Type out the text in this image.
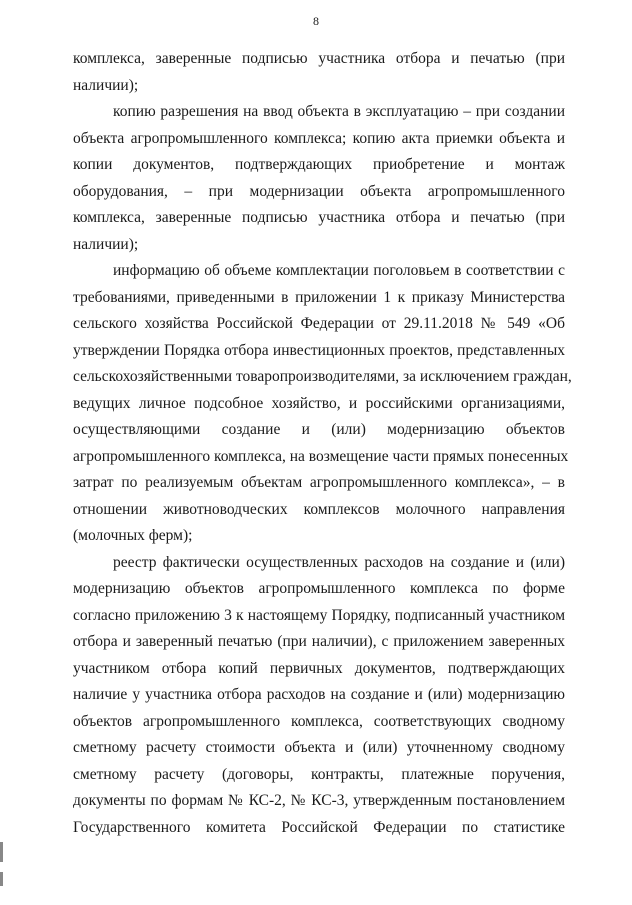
8
комплекса, заверенные подписью участника отбора и печатью (при
наличии);
копию разрешения на ввод объекта в эксплуатацию – при создании
объекта агропромышленного комплекса; копию акта приемки объекта и
копии документов, подтверждающих приобретение и монтаж
оборудования, – при модернизации объекта агропромышленного
комплекса, заверенные подписью участника отбора и печатью (при
наличии);
информацию об объеме комплектации поголовьем в соответствии с
требованиями, приведенными в приложении 1 к приказу Министерства
сельского хозяйства Российской Федерации от 29.11.2018 № 549 «Об
утверждении Порядка отбора инвестиционных проектов, представленных
сельскохозяйственными товаропроизводителями, за исключением граждан,
ведущих личное подсобное хозяйство, и российскими организациями,
осуществляющими создание и (или) модернизацию объектов
агропромышленного комплекса, на возмещение части прямых понесенных
затрат по реализуемым объектам агропромышленного комплекса», – в
отношении животноводческих комплексов молочного направления
(молочных ферм);
реестр фактически осуществленных расходов на создание и (или)
модернизацию объектов агропромышленного комплекса по форме
согласно приложению 3 к настоящему Порядку, подписанный участником
отбора и заверенный печатью (при наличии), с приложением заверенных
участником отбора копий первичных документов, подтверждающих
наличие у участника отбора расходов на создание и (или) модернизацию
объектов агропромышленного комплекса, соответствующих сводному
сметному расчету стоимости объекта и (или) уточненному сводному
сметному расчету (договоры, контракты, платежные поручения,
документы по формам № КС-2, № КС-3, утвержденным постановлением
Государственного комитета Российской Федерации по статистике
